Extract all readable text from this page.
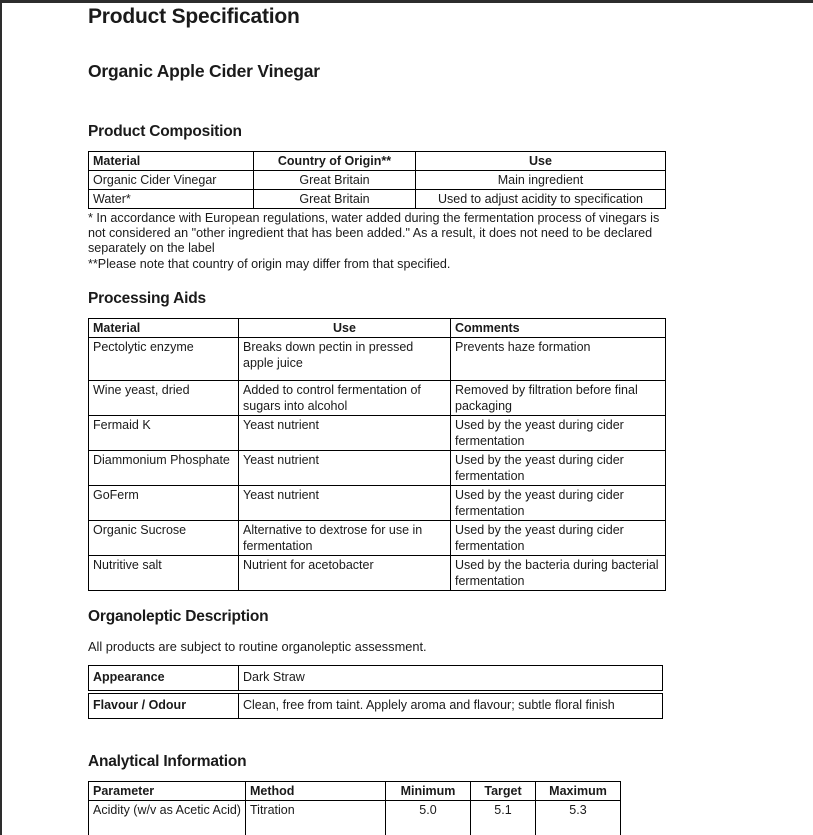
Product Specification
Organic Apple Cider Vinegar
Product Composition
Material	Country of Origin**	Use
Organic Cider Vinegar	Great Britain	Main ingredient
Water*	Great Britain	Used to adjust acidity to specification
* In accordance with European regulations, water added during the fermentation process of vinegars is not considered an "other ingredient that has been added." As a result, it does not need to be declared separately on the label
**Please note that country of origin may differ from that specified.
Processing Aids
Material	Use	Comments
Pectolytic enzyme	Breaks down pectin in pressed apple juice	Prevents haze formation
Wine yeast, dried	Added to control fermentation of sugars into alcohol	Removed by filtration before final packaging
Fermaid K	Yeast nutrient	Used by the yeast during cider fermentation
Diammonium Phosphate	Yeast nutrient	Used by the yeast during cider fermentation
GoFerm	Yeast nutrient	Used by the yeast during cider fermentation
Organic Sucrose	Alternative to dextrose for use in fermentation	Used by the yeast during cider fermentation
Nutritive salt	Nutrient for acetobacter	Used by the bacteria during bacterial fermentation
Organoleptic Description
All products are subject to routine organoleptic assessment.
Appearance	Dark Straw
Flavour / Odour	Clean, free from taint. Applely aroma and flavour; subtle floral finish
Analytical Information
Parameter	Method	Minimum	Target	Maximum
Acidity (w/v as Acetic Acid)	Titration	5.0	5.1	5.3
